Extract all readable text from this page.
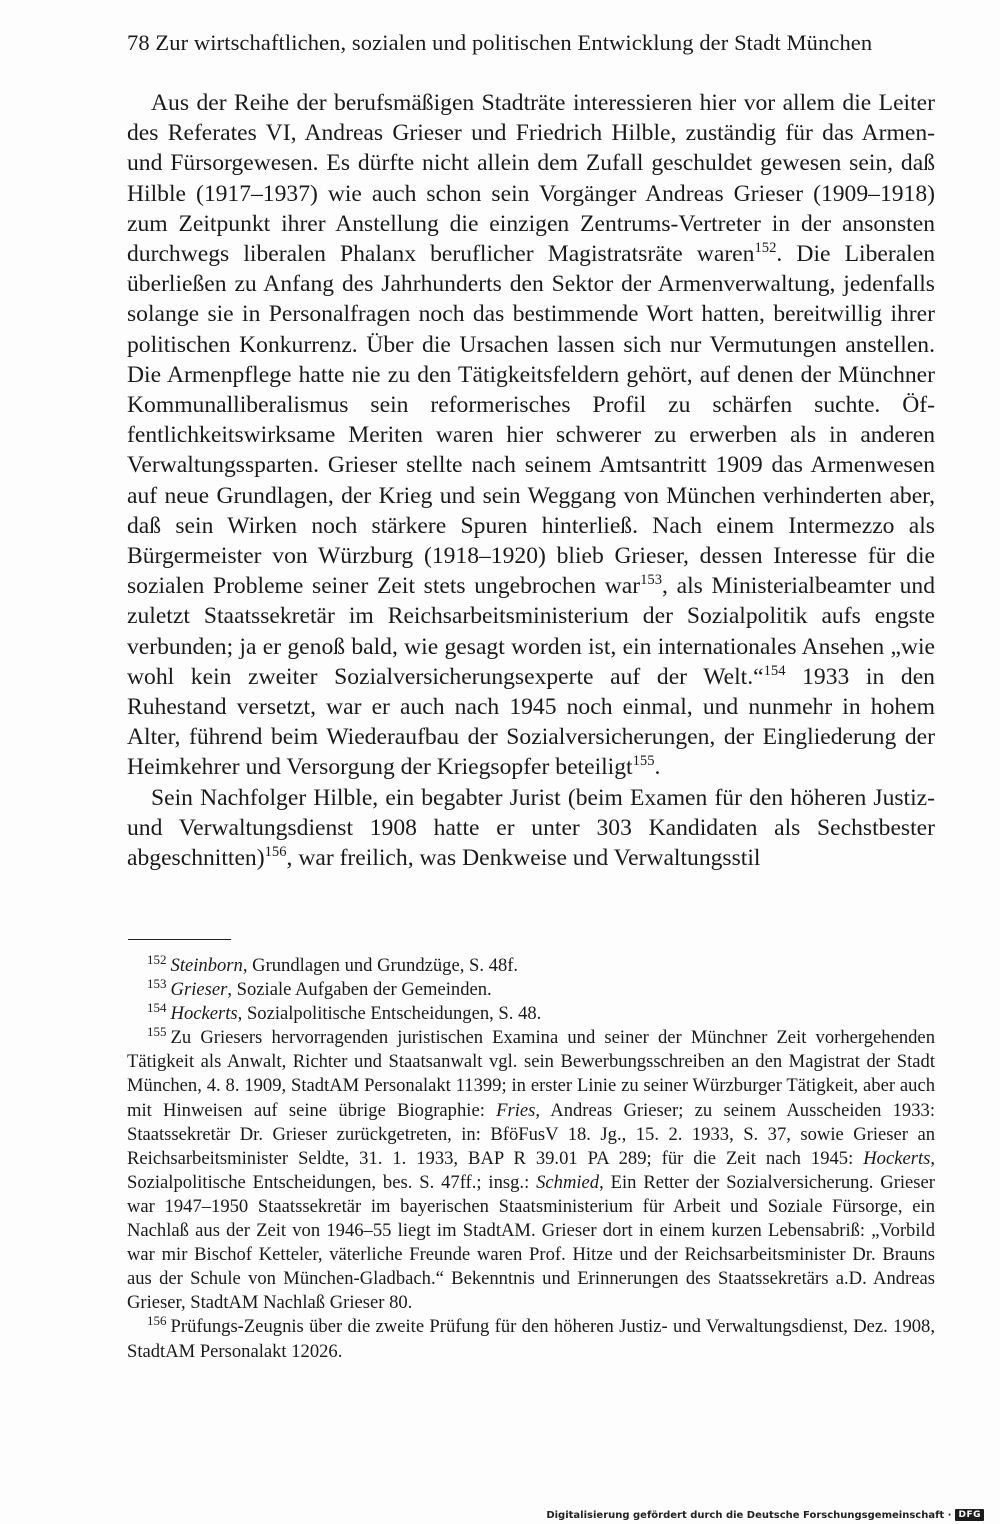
78 Zur wirtschaftlichen, sozialen und politischen Entwicklung der Stadt München

Aus der Reihe der berufsmäßigen Stadträte interessieren hier vor allem die Leiter des Referates VI, Andreas Grieser und Friedrich Hilble, zuständig für das Armen- und Fürsorgewesen. Es dürfte nicht allein dem Zufall geschuldet gewesen sein, daß Hilble (1917–1937) wie auch schon sein Vorgänger Andreas Grieser (1909–1918) zum Zeitpunkt ihrer Anstellung die einzigen Zentrums-Vertreter in der ansonsten durchwegs liberalen Phalanx beruflicher Magistratsräte waren$^{152}$. Die Liberalen überließen zu Anfang des Jahrhunderts den Sektor der Armenverwaltung, jedenfalls solange sie in Personalfragen noch das bestimmende Wort hatten, bereitwillig ihrer politischen Konkurrenz. Über die Ursachen lassen sich nur Vermutungen anstellen. Die Armenpflege hatte nie zu den Tätigkeitsfeldern gehört, auf denen der Münchner Kommunalliberalismus sein reformerisches Profil zu schärfen suchte. Öffentlichkeitswirksame Meriten waren hier schwerer zu erwerben als in anderen Verwaltungssparten. Grieser stellte nach seinem Amtsantritt 1909 das Armenwesen auf neue Grundlagen, der Krieg und sein Weggang von München verhinderten aber, daß sein Wirken noch stärkere Spuren hinterließ. Nach einem Intermezzo als Bürgermeister von Würzburg (1918–1920) blieb Grieser, dessen Interesse für die sozialen Probleme seiner Zeit stets ungebrochen war$^{153}$, als Ministerialbeamter und zuletzt Staatssekretär im Reichsarbeitsministerium der Sozialpolitik aufs engste verbunden; ja er genoß bald, wie gesagt worden ist, ein internationales Ansehen „wie wohl kein zweiter Sozialversicherungsexperte auf der Welt.“$^{154}$ 1933 in den Ruhestand versetzt, war er auch nach 1945 noch einmal, und nunmehr in hohem Alter, führend beim Wiederaufbau der Sozialversicherungen, der Eingliederung der Heimkehrer und Versorgung der Kriegsopfer beteiligt$^{155}$.

Sein Nachfolger Hilble, ein begabter Jurist (beim Examen für den höheren Justiz- und Verwaltungsdienst 1908 hatte er unter 303 Kandidaten als Sechstbester abgeschnitten)$^{156}$, war freilich, was Denkweise und Verwaltungsstil

$^{152}$ Steinborn, Grundlagen und Grundzüge, S. 48f.

$^{153}$ Grieser, Soziale Aufgaben der Gemeinden.

$^{154}$ Hockerts, Sozialpolitische Entscheidungen, S. 48.

$^{155}$ Zu Griesers hervorragenden juristischen Examina und seiner der Münchner Zeit vorhergehenden Tätigkeit als Anwalt, Richter und Staatsanwalt vgl. sein Bewerbungsschreiben an den Magistrat der Stadt München, 4. 8. 1909, StadtAM Personalakt 11399; in erster Linie zu seiner Würzburger Tätigkeit, aber auch mit Hinweisen auf seine übrige Biographie: Fries, Andreas Grieser; zu seinem Ausscheiden 1933: Staatssekretär Dr. Grieser zurückgetreten, in: BföFusV 18. Jg., 15. 2. 1933, S. 37, sowie Grieser an Reichsarbeitsminister Seldte, 31. 1. 1933, BAP R 39.01 PA 289; für die Zeit nach 1945: Hockerts, Sozialpolitische Entscheidungen, bes. S. 47ff.; insg.: Schmied, Ein Retter der Sozialversicherung. Grieser war 1947–1950 Staatssekretär im bayerischen Staatsministerium für Arbeit und Soziale Fürsorge, ein Nachlaß aus der Zeit von 1946–55 liegt im StadtAM. Grieser dort in einem kurzen Lebensabriß: „Vorbild war mir Bischof Ketteler, väterliche Freunde waren Prof. Hitze und der Reichsarbeitsminister Dr. Brauns aus der Schule von München-Gladbach.“ Bekenntnis und Erinnerungen des Staatssekretärs a.D. Andreas Grieser, StadtAM Nachlaß Grieser 80.

$^{156}$ Prüfungs-Zeugnis über die zweite Prüfung für den höheren Justiz- und Verwaltungsdienst, Dez. 1908, StadtAM Personalakt 12026.

Digitalisierung gefördert durch die Deutsche Forschungsgemeinschaft · DFG
